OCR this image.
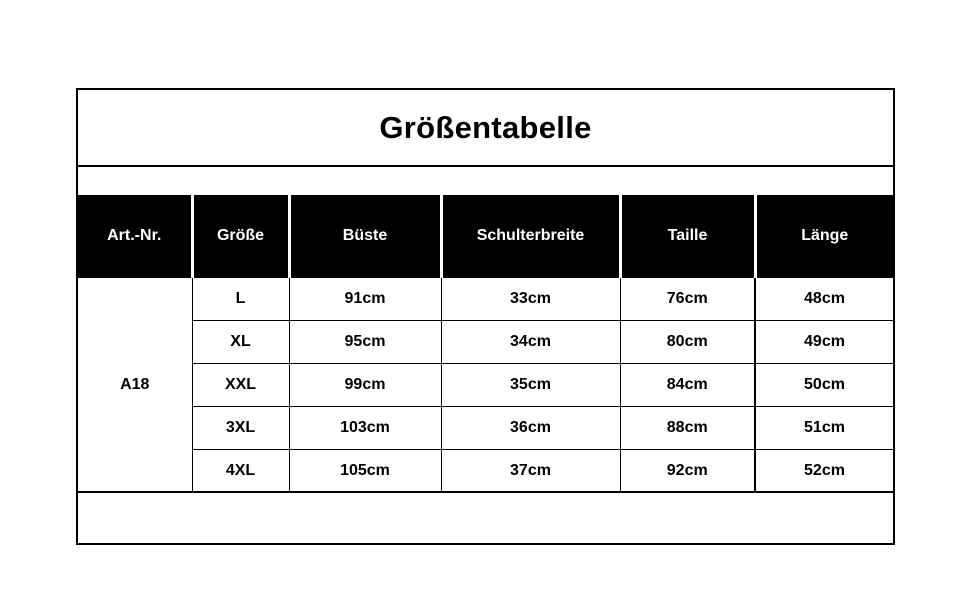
Größentabelle
Art.-Nr.	Größe	Büste	Schulterbreite	Taille	Länge
A18	L	91cm	33cm	76cm	48cm
	XL	95cm	34cm	80cm	49cm
	XXL	99cm	35cm	84cm	50cm
	3XL	103cm	36cm	88cm	51cm
	4XL	105cm	37cm	92cm	52cm
